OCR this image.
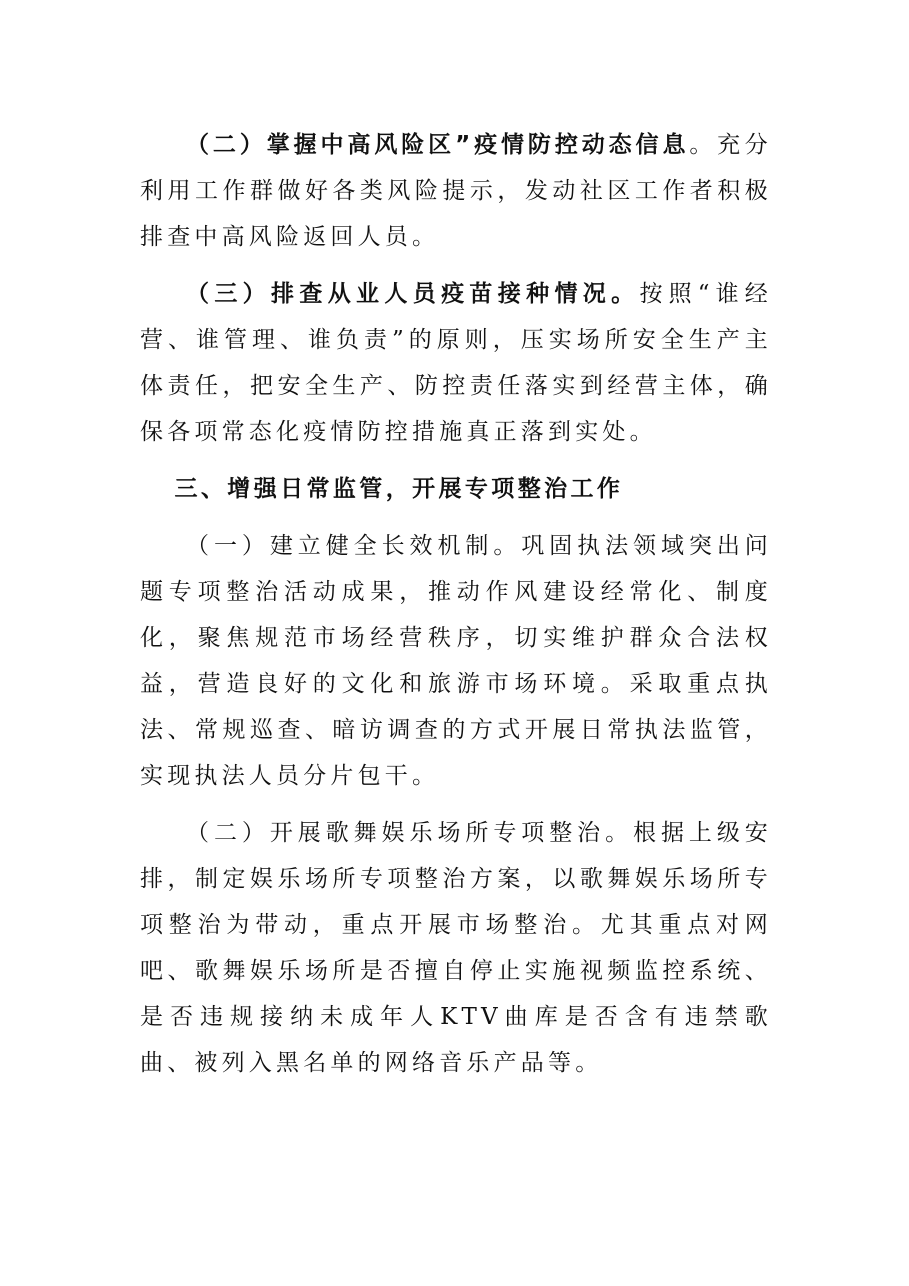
（二）掌握中高风险区”疫情防控动态信息。充分利用工作群做好各类风险提示，发动社区工作者积极排查中高风险返回人员。

（三）排查从业人员疫苗接种情况。按照“谁经营、谁管理、谁负责”的原则，压实场所安全生产主体责任，把安全生产、防控责任落实到经营主体，确保各项常态化疫情防控措施真正落到实处。

三、增强日常监管，开展专项整治工作

（一）建立健全长效机制。巩固执法领域突出问题专项整治活动成果，推动作风建设经常化、制度化，聚焦规范市场经营秩序，切实维护群众合法权益，营造良好的文化和旅游市场环境。采取重点执法、常规巡查、暗访调查的方式开展日常执法监管，实现执法人员分片包干。

（二）开展歌舞娱乐场所专项整治。根据上级安排，制定娱乐场所专项整治方案，以歌舞娱乐场所专项整治为带动，重点开展市场整治。尤其重点对网吧、歌舞娱乐场所是否擅自停止实施视频监控系统、是否违规接纳未成年人KTV曲库是否含有违禁歌曲、被列入黑名单的网络音乐产品等。
